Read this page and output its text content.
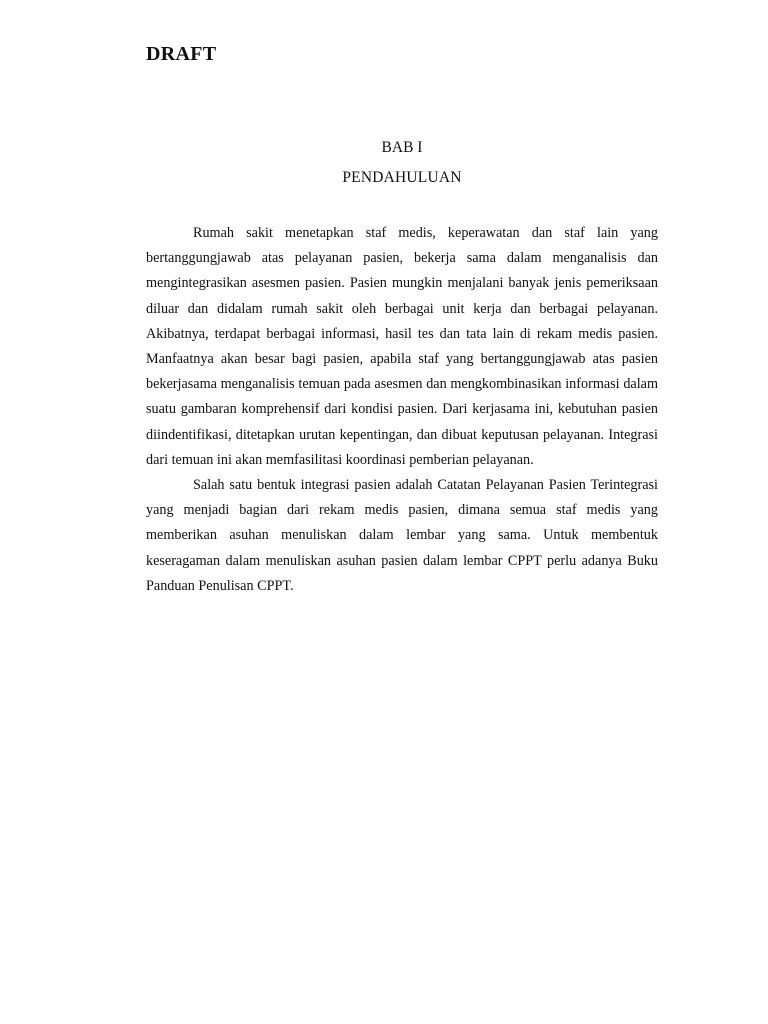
DRAFT

BAB I
PENDAHULUAN

Rumah sakit menetapkan staf medis, keperawatan dan staf lain yang bertanggungjawab atas pelayanan pasien, bekerja sama dalam menganalisis dan mengintegrasikan asesmen pasien. Pasien mungkin menjalani banyak jenis pemeriksaan diluar dan didalam rumah sakit oleh berbagai unit kerja dan berbagai pelayanan. Akibatnya, terdapat berbagai informasi, hasil tes dan tata lain di rekam medis pasien. Manfaatnya akan besar bagi pasien, apabila staf yang bertanggungjawab atas pasien bekerjasama menganalisis temuan pada asesmen dan mengkombinasikan informasi dalam suatu gambaran komprehensif dari kondisi pasien. Dari kerjasama ini, kebutuhan pasien diindentifikasi, ditetapkan urutan kepentingan, dan dibuat keputusan pelayanan. Integrasi dari temuan ini akan memfasilitasi koordinasi pemberian pelayanan.

Salah satu bentuk integrasi pasien adalah Catatan Pelayanan Pasien Terintegrasi yang menjadi bagian dari rekam medis pasien, dimana semua staf medis yang memberikan asuhan menuliskan dalam lembar yang sama. Untuk membentuk keseragaman dalam menuliskan asuhan pasien dalam lembar CPPT perlu adanya Buku Panduan Penulisan CPPT.
